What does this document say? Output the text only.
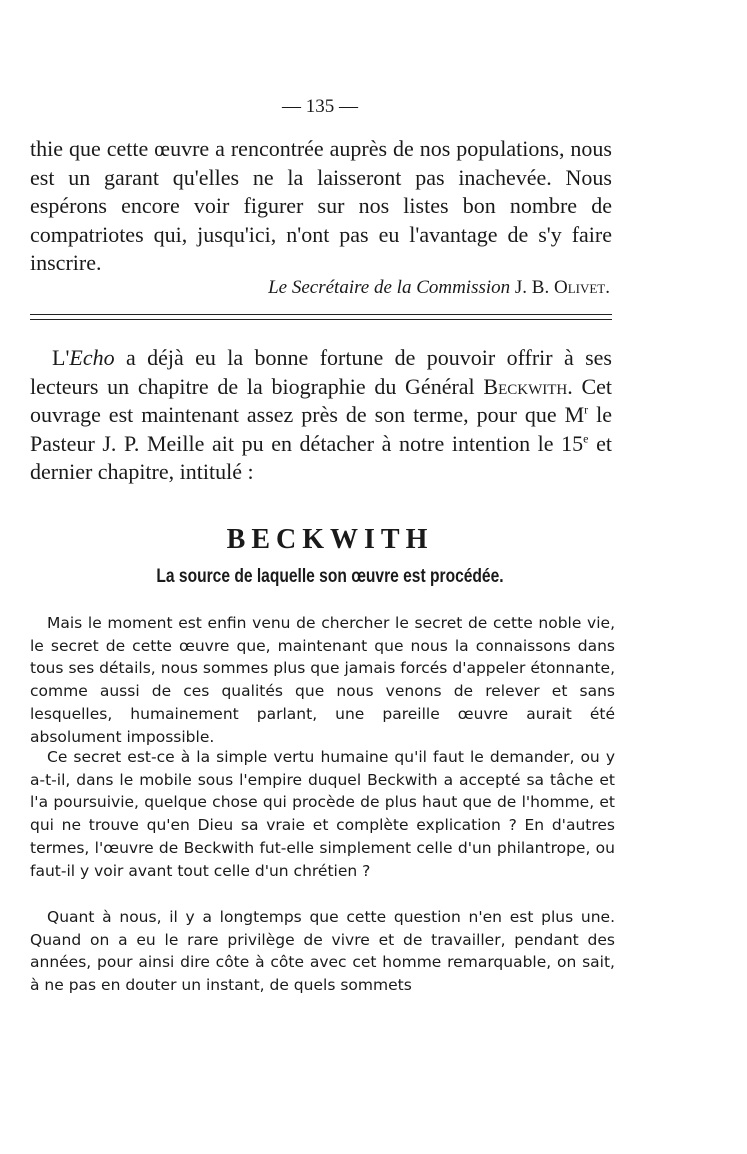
— 135 —

thie que cette œuvre a rencontrée auprès de nos populations, nous est un garant qu'elles ne la laisseront pas inachevée. Nous espérons encore voir figurer sur nos listes bon nombre de compatriotes qui, jusqu'ici, n'ont pas eu l'avantage de s'y faire inscrire.

Le Secrétaire de la Commission J. B. Olivet.

L'Echo a déjà eu la bonne fortune de pouvoir offrir à ses lecteurs un chapitre de la biographie du Général Beckwith. Cet ouvrage est maintenant assez près de son terme, pour que $M^r$ le Pasteur J. P. Meille ait pu en détacher à notre intention le 15e et dernier chapitre, intitulé :

BECKWITH
La source de laquelle son œuvre est procédée.

Mais le moment est enfin venu de chercher le secret de cette noble vie, le secret de cette œuvre que, maintenant que nous la connaissons dans tous ses détails, nous sommes plus que jamais forcés d'appeler étonnante, comme aussi de ces qualités que nous venons de relever et sans lesquelles, humainement parlant, une pareille œuvre aurait été absolument impossible.

Ce secret est-ce à la simple vertu humaine qu'il faut le demander, ou y a-t-il, dans le mobile sous l'empire duquel Beckwith a accepté sa tâche et l'a poursuivie, quelque chose qui procède de plus haut que de l'homme, et qui ne trouve qu'en Dieu sa vraie et complète explication ? En d'autres termes, l'œuvre de Beckwith fut-elle simplement celle d'un philantrope, ou faut-il y voir avant tout celle d'un chrétien ?

Quant à nous, il y a longtemps que cette question n'en est plus une. Quand on a eu le rare privilège de vivre et de travailler, pendant des années, pour ainsi dire côte à côte avec cet homme remarquable, on sait, à ne pas en douter un instant, de quels sommets
